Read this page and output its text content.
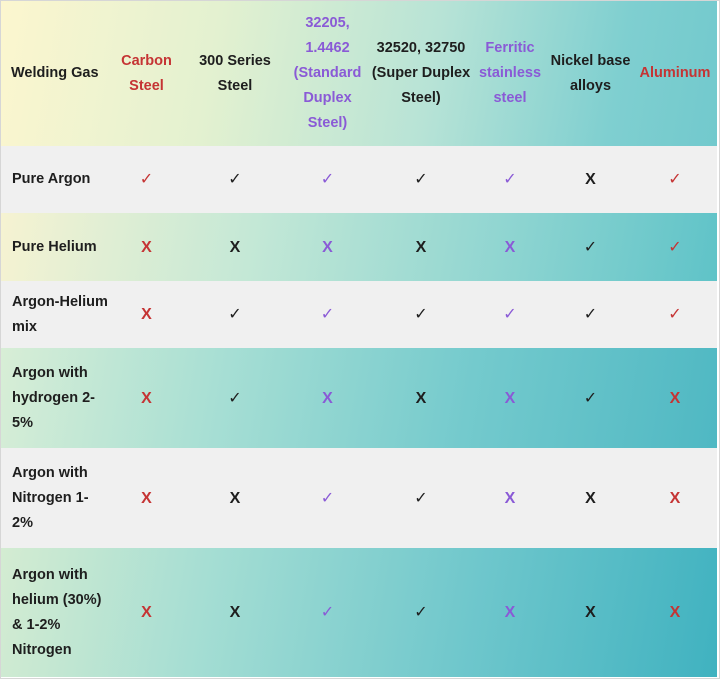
Welding Gas	Carbon Steel	300 Series Steel	32205, 1.4462 (Standard Duplex Steel)	32520, 32750 (Super Duplex Steel)	Ferritic stainless steel	Nickel base alloys	Aluminum
Pure Argon	✓	✓	✓	✓	✓	X	✓
Pure Helium	X	X	X	X	X	✓	✓
Argon-Helium mix	X	✓	✓	✓	✓	✓	✓
Argon with hydrogen 2- 5%	X	✓	X	X	X	✓	X
Argon with Nitrogen 1-2%	X	X	✓	✓	X	X	X
Argon with helium (30%) & 1-2% Nitrogen	X	X	✓	✓	X	X	X
